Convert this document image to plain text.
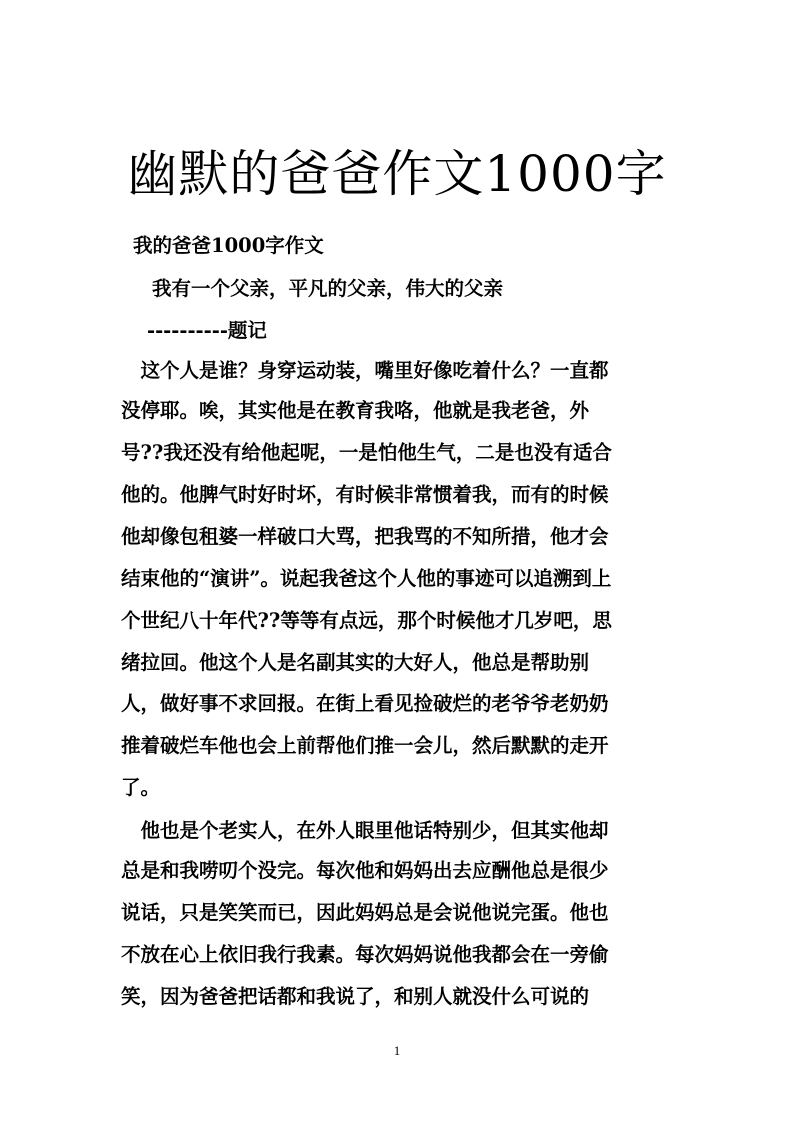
幽默的爸爸作文1000字
我的爸爸1000字作文
我有一个父亲，平凡的父亲，伟大的父亲
----------题记
　这个人是谁？身穿运动装，嘴里好像吃着什么？一直都
没停耶。唉，其实他是在教育我咯，他就是我老爸，外
号??我还没有给他起呢，一是怕他生气，二是也没有适合
他的。他脾气时好时坏，有时候非常惯着我，而有的时候
他却像包租婆一样破口大骂，把我骂的不知所措，他才会
结束他的“演讲”。说起我爸这个人他的事迹可以追溯到上
个世纪八十年代??等等有点远，那个时候他才几岁吧，思
绪拉回。他这个人是名副其实的大好人，他总是帮助别
人，做好事不求回报。在街上看见捡破烂的老爷爷老奶奶
推着破烂车他也会上前帮他们推一会儿，然后默默的走开
了。
　他也是个老实人，在外人眼里他话特别少，但其实他却
总是和我唠叨个没完。每次他和妈妈出去应酬他总是很少
说话，只是笑笑而已，因此妈妈总是会说他说完蛋。他也
不放在心上依旧我行我素。每次妈妈说他我都会在一旁偷
笑，因为爸爸把话都和我说了，和别人就没什么可说的
1
